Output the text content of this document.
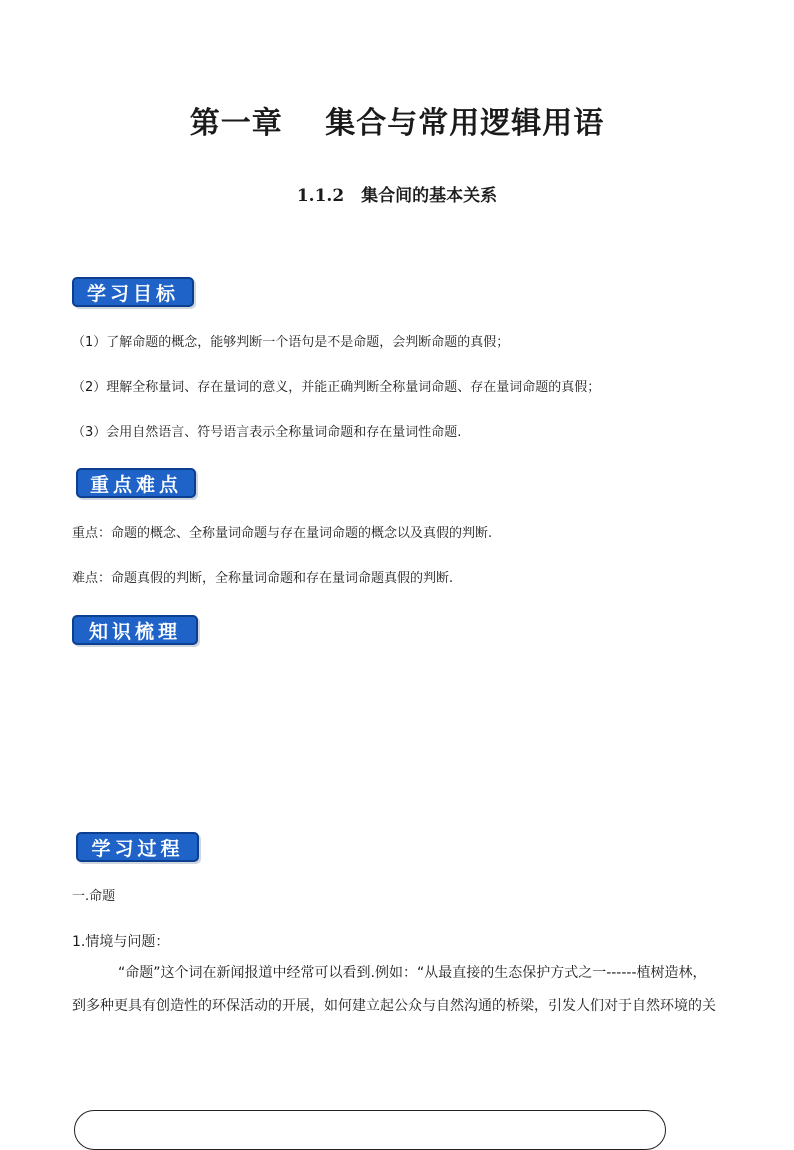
第一章　 集合与常用逻辑用语
1.1.2　集合间的基本关系
学习目标
（1）了解命题的概念，能够判断一个语句是不是命题，会判断命题的真假；
（2）理解全称量词、存在量词的意义，并能正确判断全称量词命题、存在量词命题的真假；
（3）会用自然语言、符号语言表示全称量词命题和存在量词性命题.
重点难点
重点：命题的概念、全称量词命题与存在量词命题的概念以及真假的判断.
难点：命题真假的判断，全称量词命题和存在量词命题真假的判断.
知识梳理
学习过程
一.命题
1.情境与问题：
“命题”这个词在新闻报道中经常可以看到.例如：“从最直接的生态保护方式之一------植树造林，
到多种更具有创造性的环保活动的开展，如何建立起公众与自然沟通的桥梁，引发人们对于自然环境的关
